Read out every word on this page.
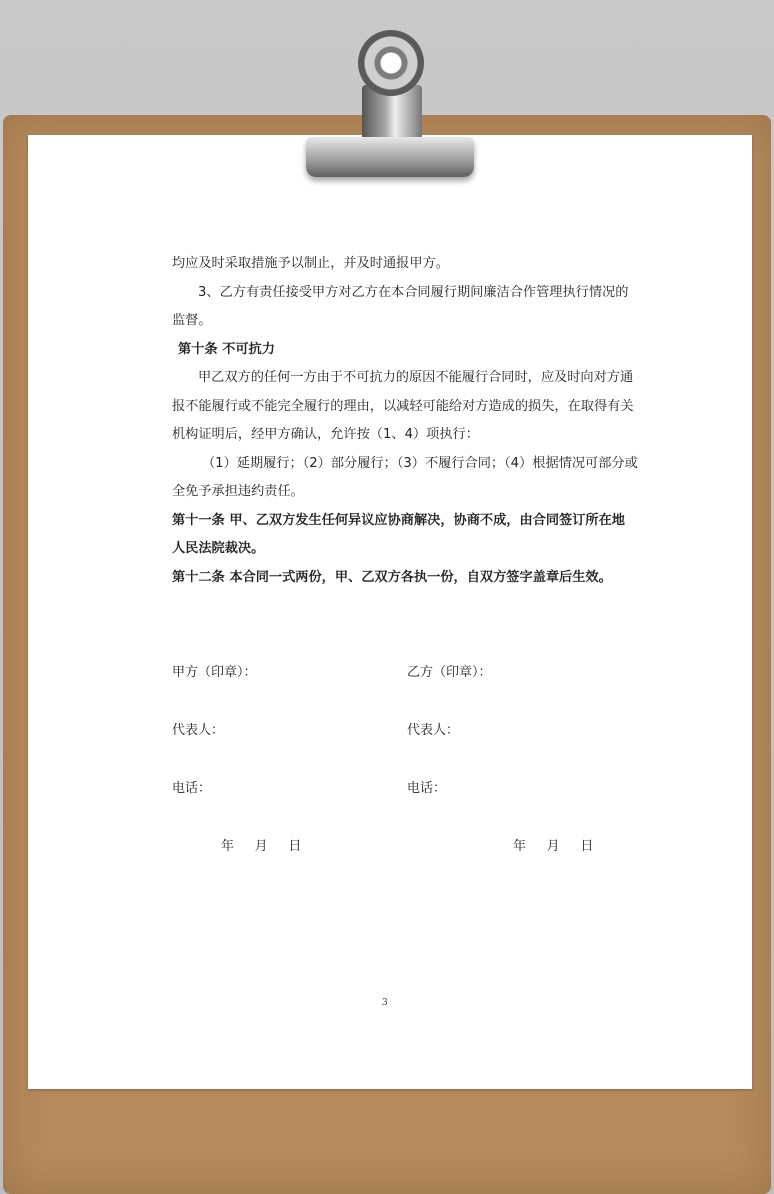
均应及时采取措施予以制止，并及时通报甲方。
3、乙方有责任接受甲方对乙方在本合同履行期间廉洁合作管理执行情况的
监督。
第十条 不可抗力
甲乙双方的任何一方由于不可抗力的原因不能履行合同时，应及时向对方通
报不能履行或不能完全履行的理由，以减轻可能给对方造成的损失，在取得有关
机构证明后，经甲方确认，允许按（1、4）项执行：
（1）延期履行；（2）部分履行；（3）不履行合同；（4）根据情况可部分或
全免予承担违约责任。
第十一条 甲、乙双方发生任何异议应协商解决，协商不成，由合同签订所在地
人民法院裁决。
第十二条 本合同一式两份，甲、乙双方各执一份，自双方签字盖章后生效。
甲方（印章）：	乙方（印章）：
代表人：	代表人：
电话：	电话：
年     月     日	年     月     日
3
